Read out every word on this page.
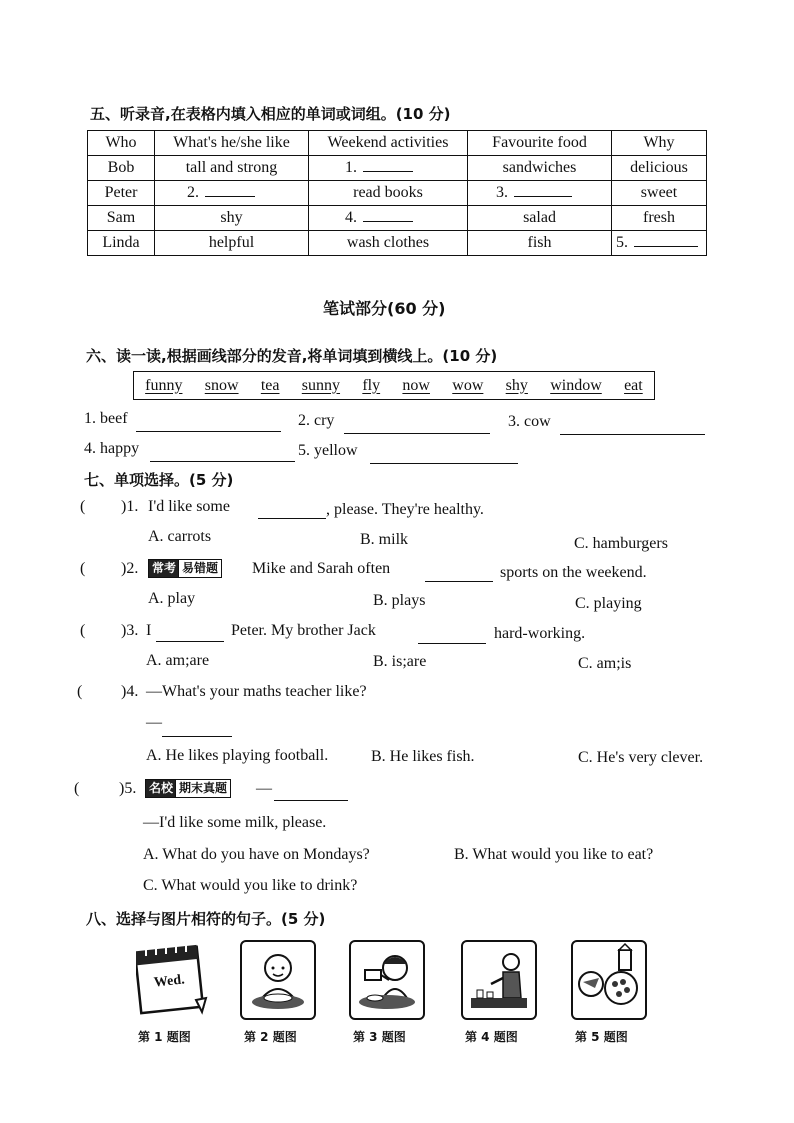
五、听录音,在表格内填入相应的单词或词组。(10 分)
Who	What's he/she like	Weekend activities	Favourite food	Why
Bob	tall and strong	1.	sandwiches	delicious
Peter	2.	read books	3.	sweet
Sam	shy	4.	salad	fresh
Linda	helpful	wash clothes	fish	5.
笔试部分(60 分)
六、读一读,根据画线部分的发音,将单词填到横线上。(10 分)
funny snow tea sunny fly now wow shy window eat
1. beef	2. cry	3. cow
4. happy	5. yellow
七、单项选择。(5 分)
( )1. I'd like some	, please. They're healthy.
A. carrots	B. milk	C. hamburgers
( )2.	常考 易错题 Mike and Sarah often	sports on the weekend.
A. play	B. plays	C. playing
( )3. I	Peter. My brother Jack	hard-working.
A. am;are	B. is;are	C. am;is
( )4. —What's your maths teacher like?
—
A. He likes playing football.	B. He likes fish.	C. He's very clever.
( )5.	名校 期末真题 —
—I'd like some milk, please.
A. What do you have on Mondays?	B. What would you like to eat?
C. What would you like to drink?
八、选择与图片相符的句子。(5 分)
Wed.
第 1 题图	第 2 题图	第 3 题图	第 4 题图	第 5 题图
